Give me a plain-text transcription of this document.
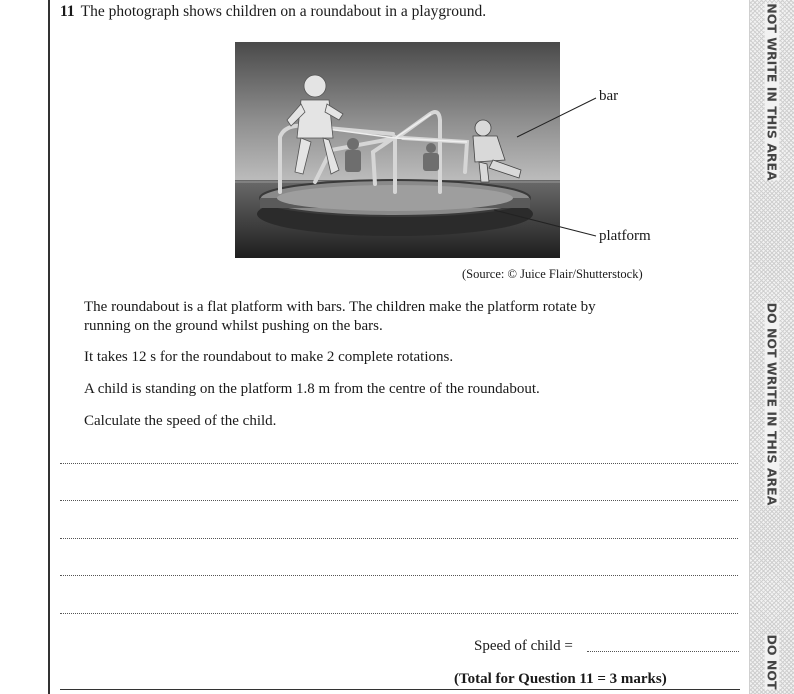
11 The photograph shows children on a roundabout in a playground.
bar
platform
(Source: © Juice Flair/Shutterstock)
The roundabout is a flat platform with bars. The children make the platform rotate by
running on the ground whilst pushing on the bars.
It takes 12 s for the roundabout to make 2 complete rotations.
A child is standing on the platform 1.8 m from the centre of the roundabout.
Calculate the speed of the child.
Speed of child =
(Total for Question 11 = 3 marks)
NOT WRITE IN THIS AREA
DO NOT WRITE IN THIS AREA
DO NOT
